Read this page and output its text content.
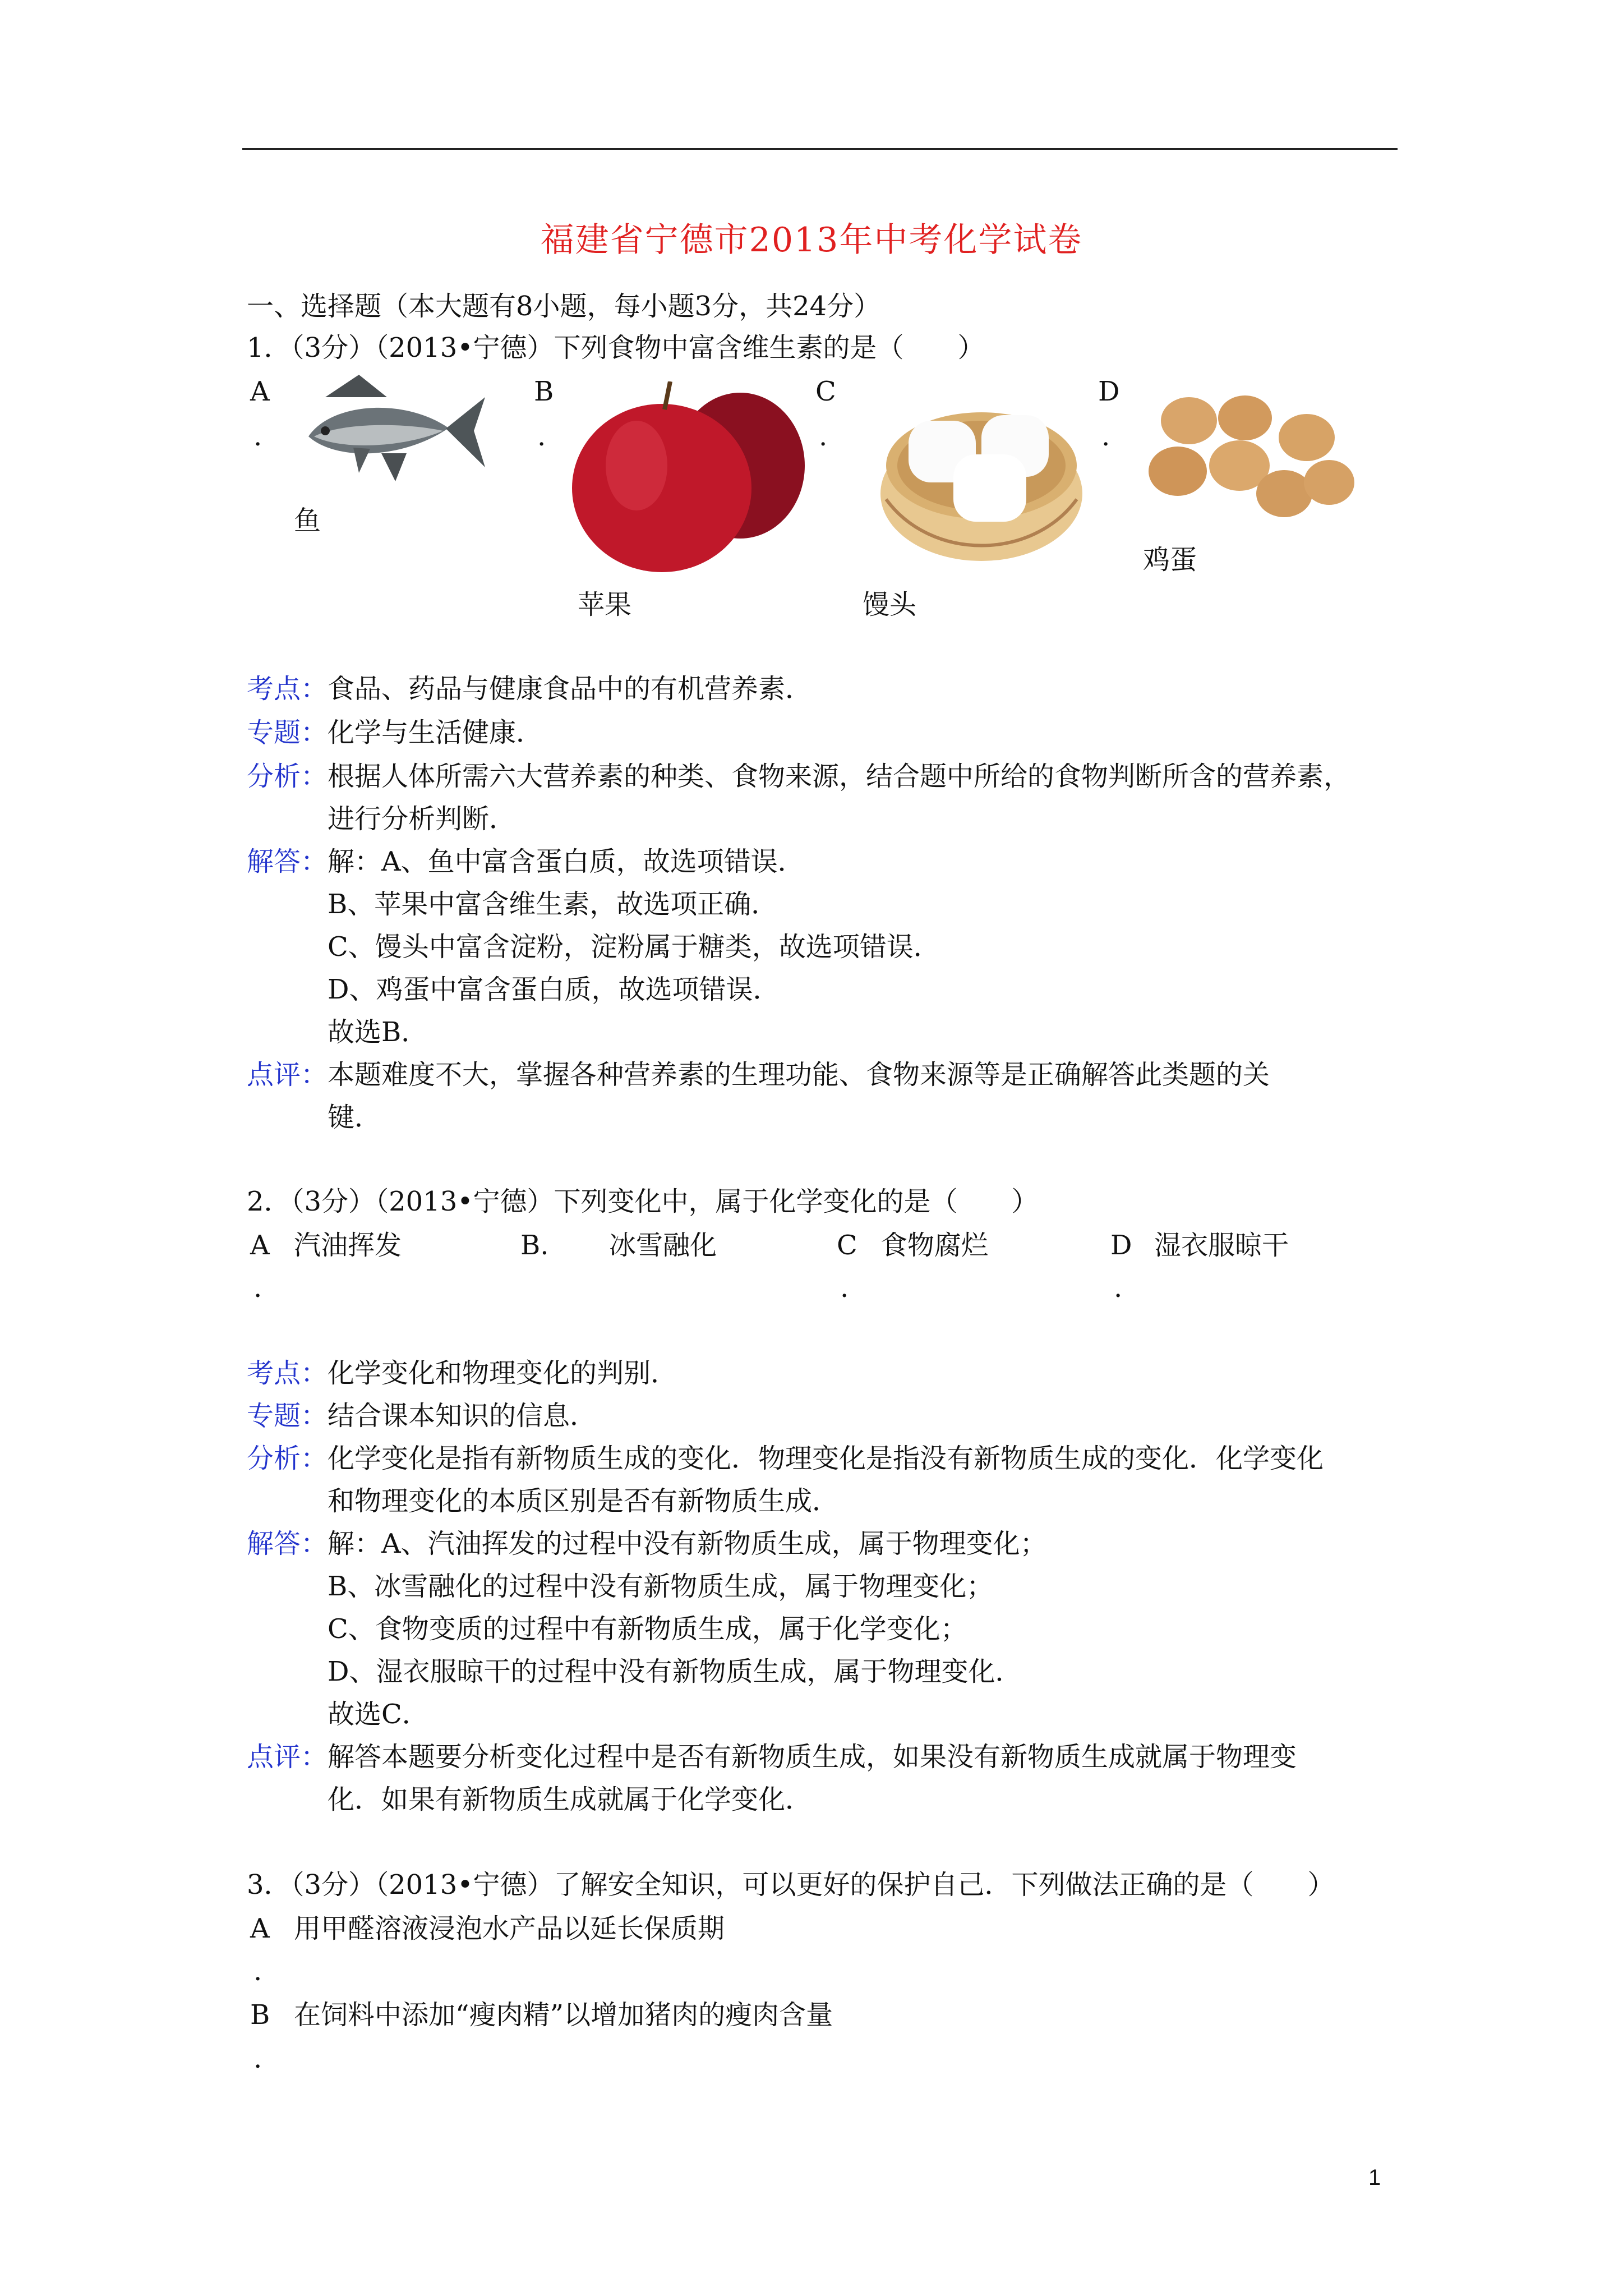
福建省宁德市2013年中考化学试卷
一、选择题（本大题有8小题，每小题3分，共24分）
1．（3分）（2013•宁德）下列食物中富含维生素的是（　　）
A
.
鱼
B
.
苹果
C
.
馒头
D
.
鸡蛋
考点： 食品、药品与健康食品中的有机营养素．
专题： 化学与生活健康．
分析： 根据人体所需六大营养素的种类、食物来源，结合题中所给的食物判断所含的营养素，
进行分析判断．
解答： 解：A、鱼中富含蛋白质，故选项错误．
B、苹果中富含维生素，故选项正确．
C、馒头中富含淀粉，淀粉属于糖类，故选项错误．
D、鸡蛋中富含蛋白质，故选项错误．
故选B．
点评： 本题难度不大，掌握各种营养素的生理功能、食物来源等是正确解答此类题的关
键．
2．（3分）（2013•宁德）下列变化中，属于化学变化的是（　　）
A 汽油挥发
.
B. 冰雪融化	C 食物腐烂
.
D 湿衣服晾干
.
考点： 化学变化和物理变化的判别．
专题： 结合课本知识的信息．
分析： 化学变化是指有新物质生成的变化．物理变化是指没有新物质生成的变化．化学变化
和物理变化的本质区别是否有新物质生成．
解答： 解：A、汽油挥发的过程中没有新物质生成，属于物理变化；
B、冰雪融化的过程中没有新物质生成，属于物理变化；
C、食物变质的过程中有新物质生成，属于化学变化；
D、湿衣服晾干的过程中没有新物质生成，属于物理变化．
故选C．
点评： 解答本题要分析变化过程中是否有新物质生成，如果没有新物质生成就属于物理变
化．如果有新物质生成就属于化学变化．
3．（3分）（2013•宁德）了解安全知识，可以更好的保护自己．下列做法正确的是（　　）
A 用甲醛溶液浸泡水产品以延长保质期
.
B 在饲料中添加“瘦肉精”以增加猪肉的瘦肉含量
.
1
